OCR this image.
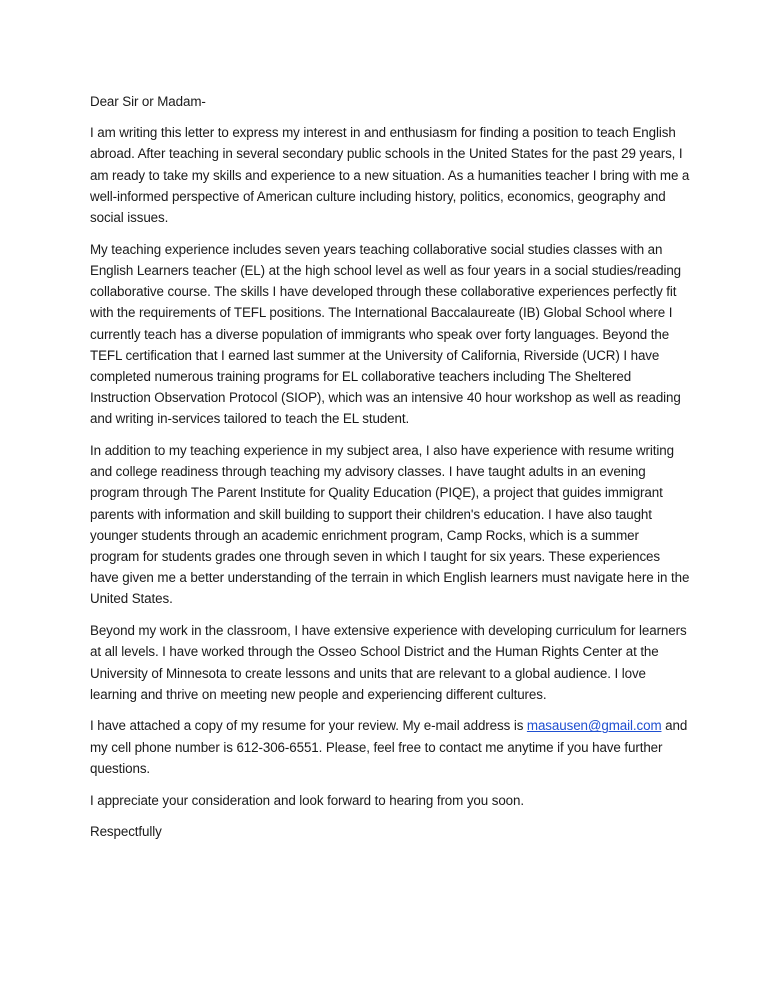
Dear Sir or Madam-

I am writing this letter to express my interest in and enthusiasm for finding a position to teach English abroad. After teaching in several secondary public schools in the United States for the past 29 years, I am ready to take my skills and experience to a new situation. As a humanities teacher I bring with me a well-informed perspective of American culture including history, politics, economics, geography and social issues.

My teaching experience includes seven years teaching collaborative social studies classes with an English Learners teacher (EL) at the high school level as well as four years in a social studies/reading collaborative course. The skills I have developed through these collaborative experiences perfectly fit with the requirements of TEFL positions. The International Baccalaureate (IB) Global School where I currently teach has a diverse population of immigrants who speak over forty languages. Beyond the TEFL certification that I earned last summer at the University of California, Riverside (UCR) I have completed numerous training programs for EL collaborative teachers including The Sheltered Instruction Observation Protocol (SIOP), which was an intensive 40 hour workshop as well as reading and writing in-services tailored to teach the EL student.

In addition to my teaching experience in my subject area, I also have experience with resume writing and college readiness through teaching my advisory classes. I have taught adults in an evening program through The Parent Institute for Quality Education (PIQE), a project that guides immigrant parents with information and skill building to support their children's education. I have also taught younger students through an academic enrichment program, Camp Rocks, which is a summer program for students grades one through seven in which I taught for six years. These experiences have given me a better understanding of the terrain in which English learners must navigate here in the United States.

Beyond my work in the classroom, I have extensive experience with developing curriculum for learners at all levels. I have worked through the Osseo School District and the Human Rights Center at the University of Minnesota to create lessons and units that are relevant to a global audience. I love learning and thrive on meeting new people and experiencing different cultures.

I have attached a copy of my resume for your review. My e-mail address is masausen@gmail.com and my cell phone number is 612-306-6551. Please, feel free to contact me anytime if you have further questions.

I appreciate your consideration and look forward to hearing from you soon.

Respectfully
